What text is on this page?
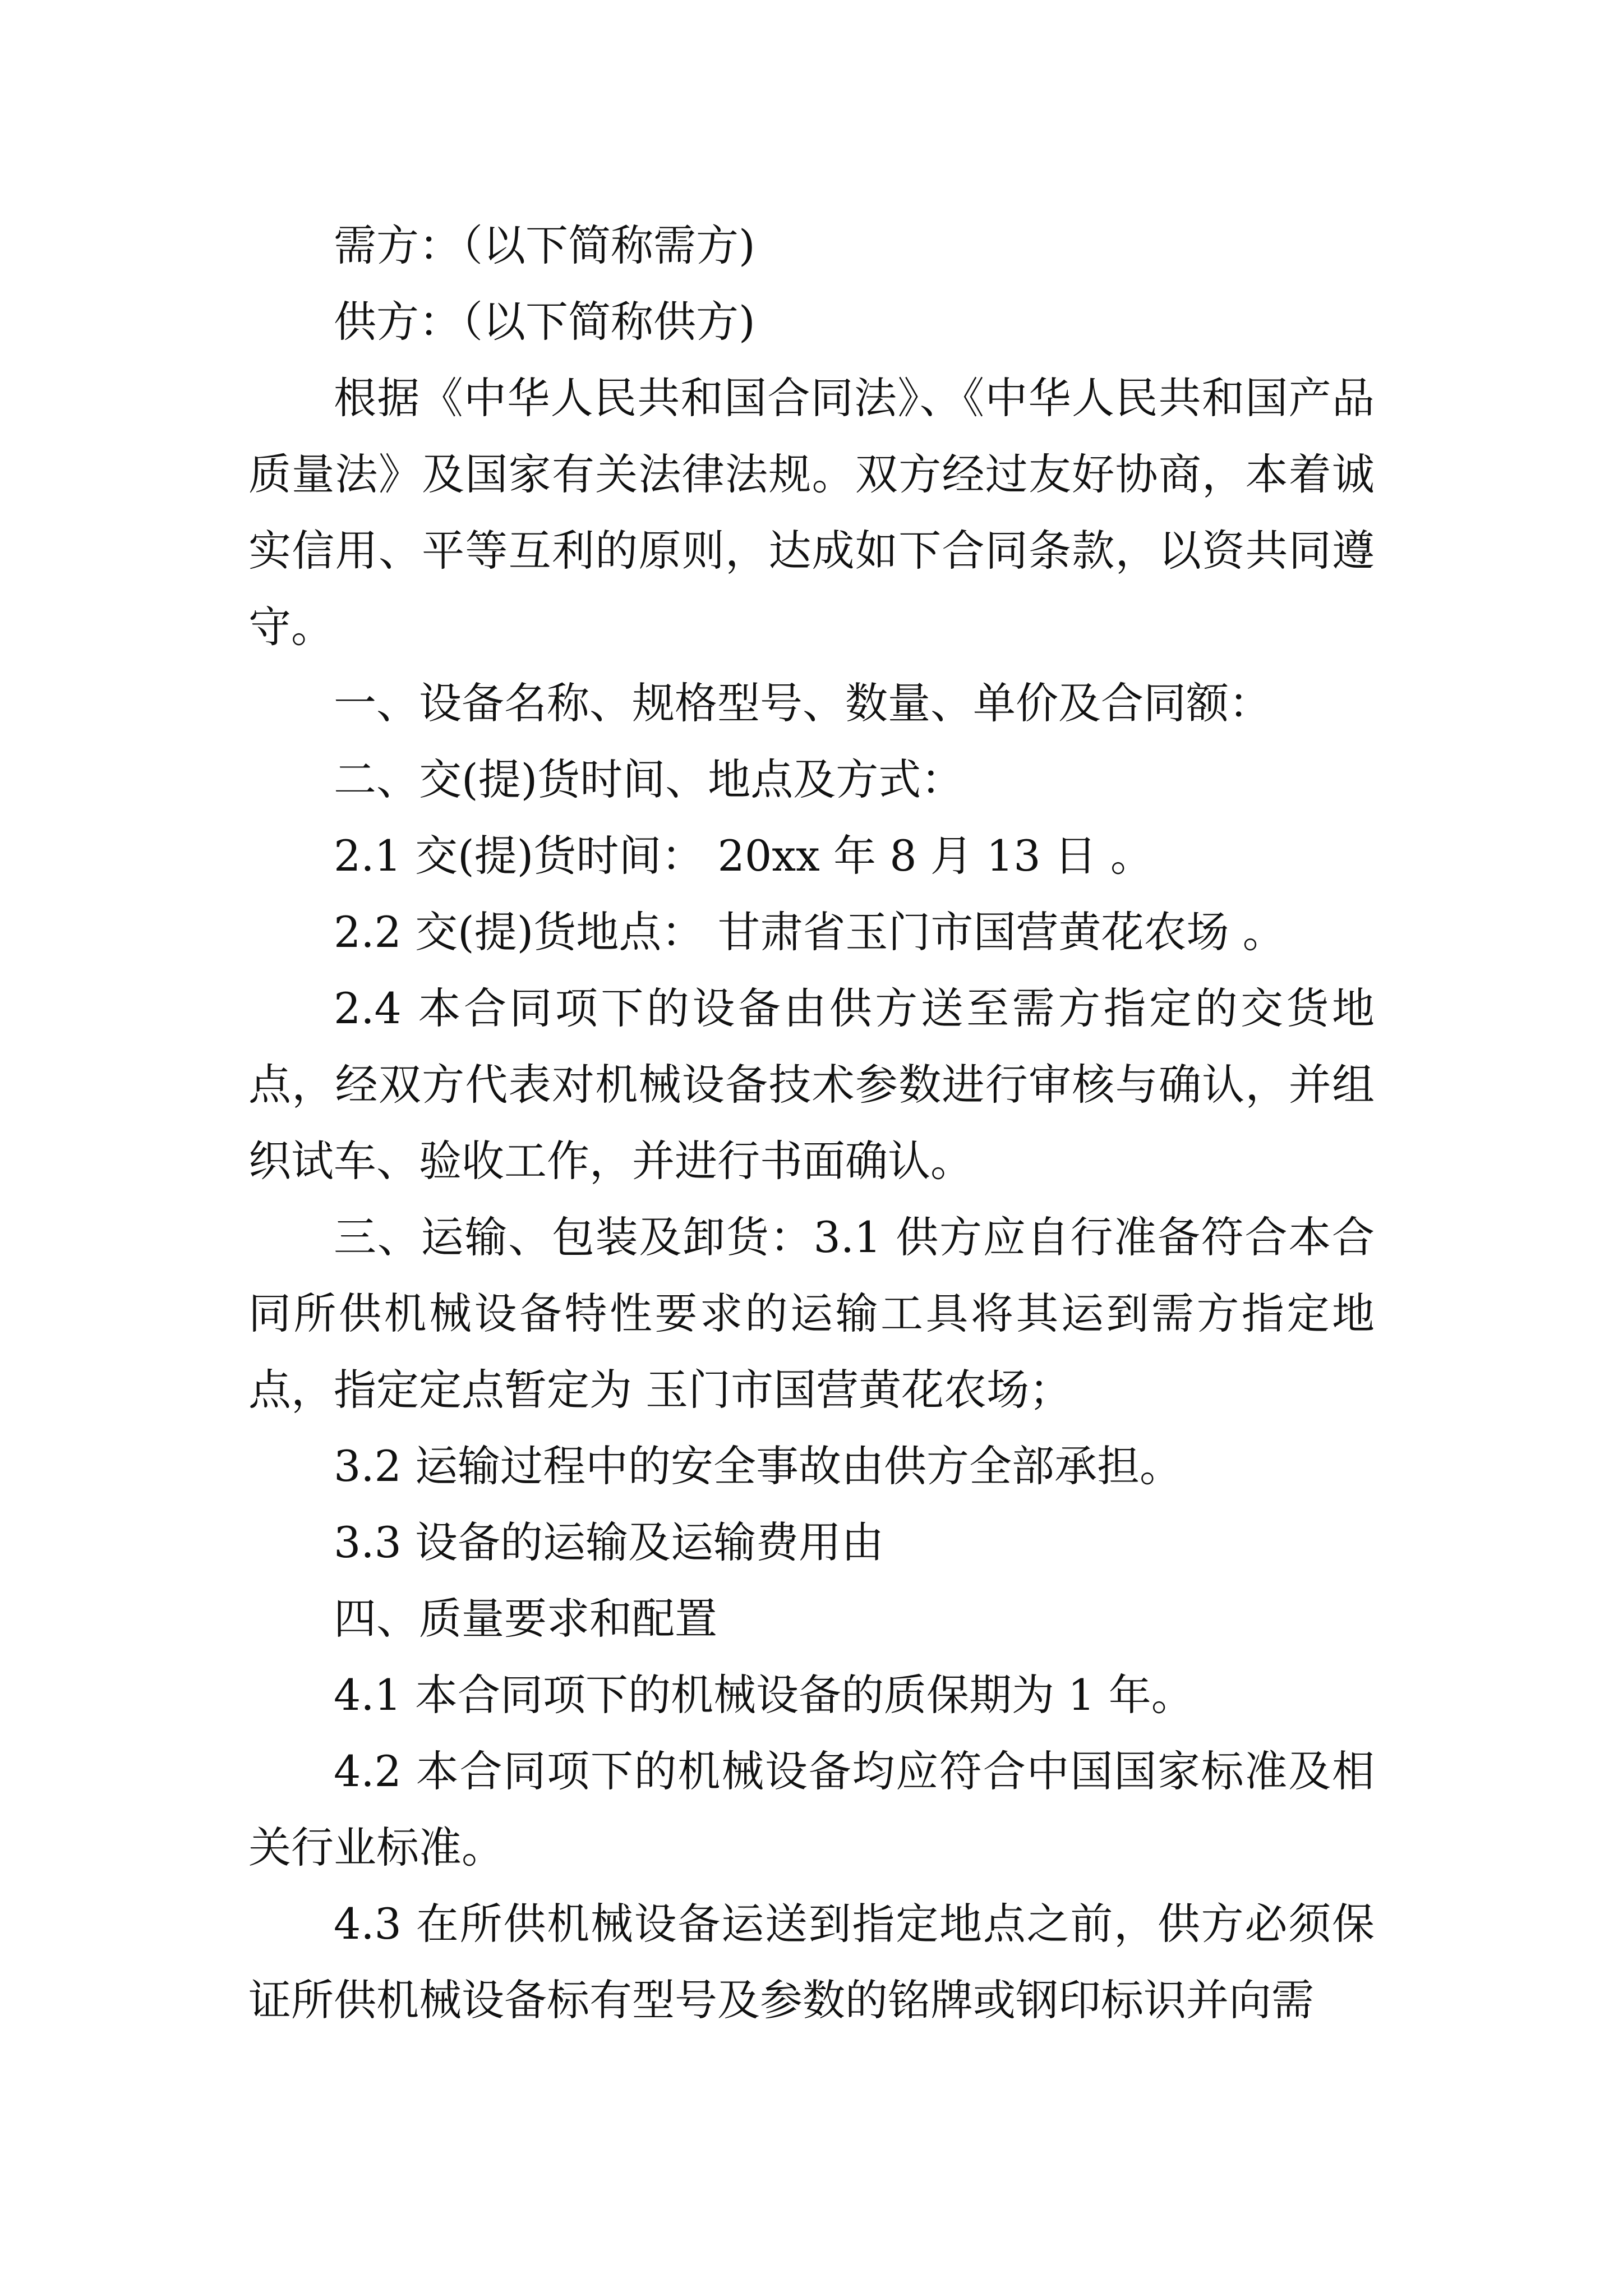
需方：（以下简称需方)

供方：（以下简称供方)

根据《中华人民共和国合同法》、《中华人民共和国产品质量法》及国家有关法律法规。双方经过友好协商，本着诚实信用、平等互利的原则，达成如下合同条款，以资共同遵守。

一、设备名称、规格型号、数量、单价及合同额：

二、交(提)货时间、地点及方式：

2.1 交(提)货时间： 20xx 年 8 月 13 日 。

2.2 交(提)货地点： 甘肃省玉门市国营黄花农场 。

2.4 本合同项下的设备由供方送至需方指定的交货地点，经双方代表对机械设备技术参数进行审核与确认，并组织试车、验收工作，并进行书面确认。

三、运输、包装及卸货：3.1 供方应自行准备符合本合同所供机械设备特性要求的运输工具将其运到需方指定地点，指定定点暂定为 玉门市国营黄花农场；

3.2 运输过程中的安全事故由供方全部承担。

3.3 设备的运输及运输费用由

四、质量要求和配置

4.1 本合同项下的机械设备的质保期为 1 年。

4.2 本合同项下的机械设备均应符合中国国家标准及相关行业标准。

4.3 在所供机械设备运送到指定地点之前，供方必须保证所供机械设备标有型号及参数的铭牌或钢印标识并向需
